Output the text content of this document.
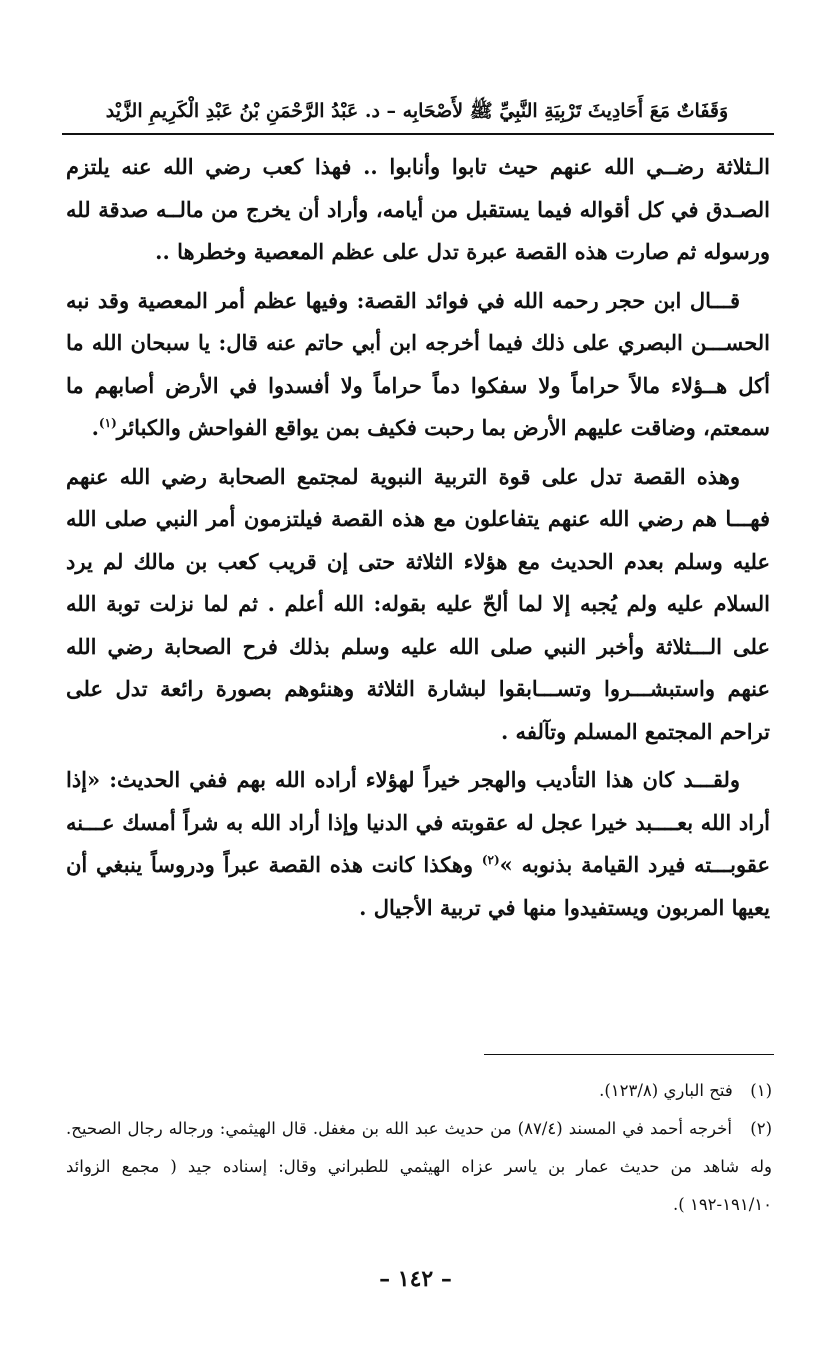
وَقَفَاتٌ مَعَ أَحَادِيثَ تَرْبِيَةِ النَّبِيِّ ﷺ لأَصْحَابِه – د. عَبْدُ الرَّحْمَنِ بْنُ عَبْدِ الْكَرِيمِ الزَّيْد

الـثلاثة رضــي الله عنهم حيث تابوا وأنابوا .. فهذا كعب رضي الله عنه يلتزم الصـدق في كل أقواله فيما يستقبل من أيامه، وأراد أن يخرج من مالــه صدقة لله ورسوله ثم صارت هذه القصة عبرة تدل على عظم المعصية وخطرها ..

قـــال ابن حجر رحمه الله في فوائد القصة: وفيها عظم أمر المعصية وقد نبه الحســـن البصري على ذلك فيما أخرجه ابن أبي حاتم عنه قال: يا سبحان الله ما أكل هــؤلاء مالاً حراماً ولا سفكوا دماً حراماً ولا أفسدوا في الأرض أصابهم ما سمعتم، وضاقت عليهم الأرض بما رحبت فكيف بمن يواقع الفواحش والكبائر$^{(١)}$.

وهذه القصة تدل على قوة التربية النبوية لمجتمع الصحابة رضي الله عنهم فهـــا هم رضي الله عنهم يتفاعلون مع هذه القصة فيلتزمون أمر النبي صلى الله عليه وسلم بعدم الحديث مع هؤلاء الثلاثة حتى إن قريب كعب بن مالك لم يرد السلام عليه ولم يُجبه إلا لما ألحّ عليه بقوله: الله أعلم . ثم لما نزلت توبة الله على الـــثلاثة وأخبر النبي صلى الله عليه وسلم بذلك فرح الصحابة رضي الله عنهم واستبشـــروا وتســـابقوا لبشارة الثلاثة وهنئوهم بصورة رائعة تدل على تراحم المجتمع المسلم وتآلفه .

ولقـــد كان هذا التأديب والهجر خيراً لهؤلاء أراده الله بهم ففي الحديث: «إذا أراد الله بعــــبد خيرا عجل له عقوبته في الدنيا وإذا أراد الله به شراً أمسك عـــنه عقوبـــته فيرد القيامة بذنوبه »$^{(٢)}$ وهكذا كانت هذه القصة عبراً ودروساً ينبغي أن يعيها المربون ويستفيدوا منها في تربية الأجيال .

(١) فتح الباري (١٢٣/٨).

(٢) أخرجه أحمد في المسند (٨٧/٤) من حديث عبد الله بن مغفل. قال الهيثمي: ورجاله رجال الصحيح. وله شاهد من حديث عمار بن ياسر عزاه الهيثمي للطبراني وقال: إسناده جيد ( مجمع الزوائد ١٩١/١٠-١٩٢ ).

– ١٤٢ –
